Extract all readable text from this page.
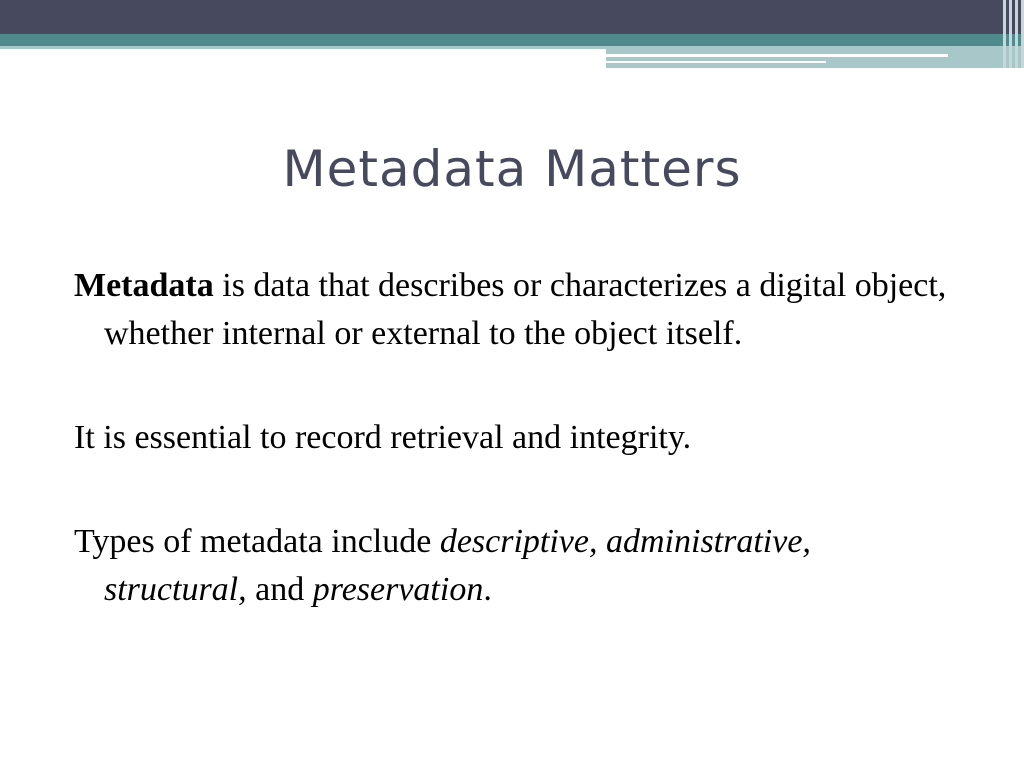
Metadata Matters

Metadata is data that describes or characterizes a digital object, whether internal or external to the object itself.

It is essential to record retrieval and integrity.

Types of metadata include descriptive, administrative, structural, and preservation.
